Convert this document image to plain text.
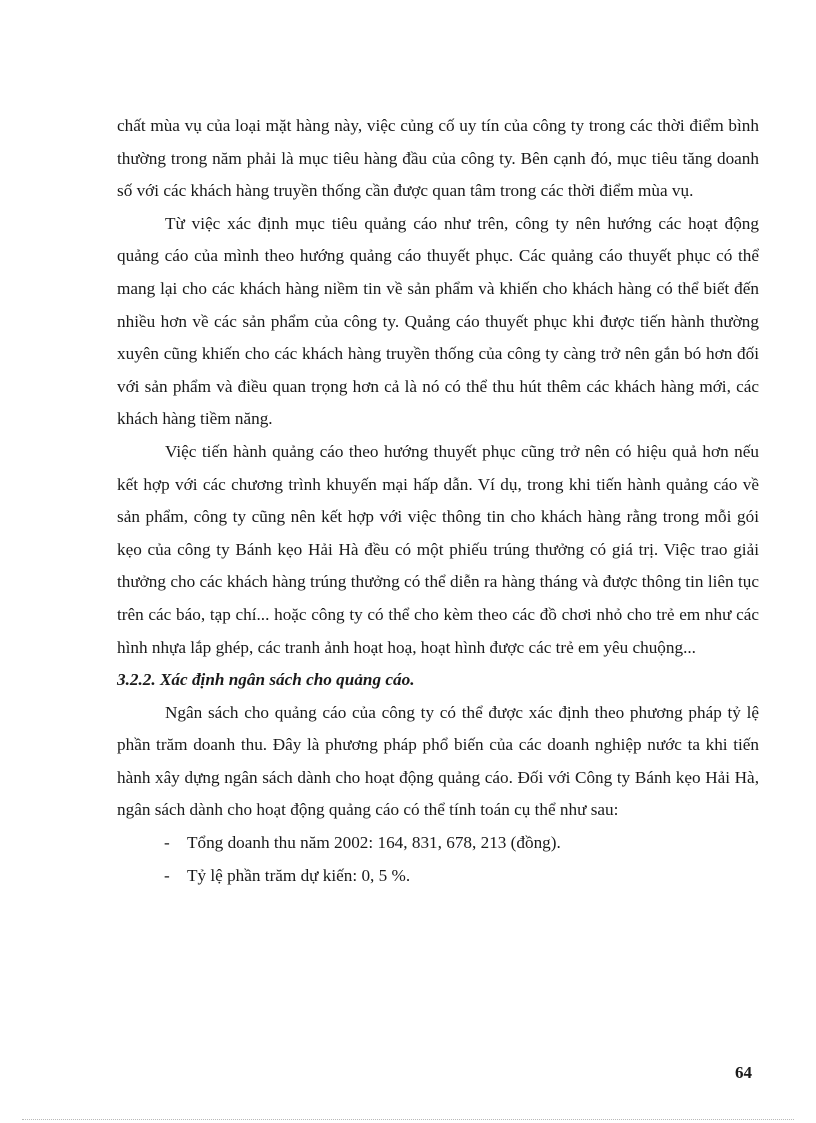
chất mùa vụ của loại mặt hàng này, việc củng cố uy tín của công ty trong các thời điểm bình thường trong năm phải là mục tiêu hàng đầu của công ty. Bên cạnh đó, mục tiêu tăng doanh số với các khách hàng truyền thống cần được quan tâm trong các thời điểm mùa vụ.

Từ việc xác định mục tiêu quảng cáo như trên, công ty nên hướng các hoạt động quảng cáo của mình theo hướng quảng cáo thuyết phục. Các quảng cáo thuyết phục có thể mang lại cho các khách hàng niềm tin về sản phẩm và khiến cho khách hàng có thể biết đến nhiều hơn về các sản phẩm của công ty. Quảng cáo thuyết phục khi được tiến hành thường xuyên cũng khiến cho các khách hàng truyền thống của công ty càng trở nên gắn bó hơn đối với sản phẩm và điều quan trọng hơn cả là nó có thể thu hút thêm các khách hàng mới, các khách hàng tiềm năng.

Việc tiến hành quảng cáo theo hướng thuyết phục cũng trở nên có hiệu quả hơn nếu kết hợp với các chương trình khuyến mại hấp dẫn. Ví dụ, trong khi tiến hành quảng cáo về sản phẩm, công ty cũng nên kết hợp với việc thông tin cho khách hàng rằng trong mỗi gói kẹo của công ty Bánh kẹo Hải Hà đều có một phiếu trúng thưởng có giá trị. Việc trao giải thưởng cho các khách hàng trúng thưởng có thể diễn ra hàng tháng và được thông tin liên tục trên các báo, tạp chí... hoặc công ty có thể cho kèm theo các đồ chơi nhỏ cho trẻ em như các hình nhựa lắp ghép, các tranh ảnh hoạt hoạ, hoạt hình được các trẻ em yêu chuộng...

3.2.2. Xác định ngân sách cho quảng cáo.

Ngân sách cho quảng cáo của công ty có thể được xác định theo phương pháp tỷ lệ phần trăm doanh thu. Đây là phương pháp phổ biến của các doanh nghiệp nước ta khi tiến hành xây dựng ngân sách dành cho hoạt động quảng cáo. Đối với Công ty Bánh kẹo Hải Hà, ngân sách dành cho hoạt động quảng cáo có thể tính toán cụ thể như sau:

- Tổng doanh thu năm 2002: 164, 831, 678, 213 (đồng).
- Tỷ lệ phần trăm dự kiến: 0, 5 %.
64
